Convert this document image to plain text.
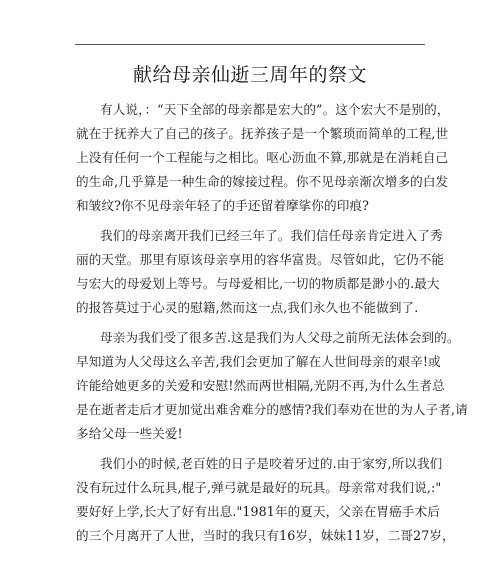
献给母亲仙逝三周年的祭文
有人说，：“天下全部的母亲都是宏大的”。这个宏大不是别的，
就在于抚养大了自己的孩子。抚养孩子是一个繁琐而简单的工程,世
上没有任何一个工程能与之相比。呕心沥血不算,那就是在消耗自己
的生命,几乎算是一种生命的嫁接过程。你不见母亲渐次增多的白发
和皱纹?你不见母亲年轻了的手还留着摩挲你的印痕?
我们的母亲离开我们已经三年了。我们信任母亲肯定进入了秀
丽的天堂。那里有原该母亲享用的容华富贵。尽管如此，它仍不能
与宏大的母爱划上等号。与母爱相比,一切的物质都是渺小的.最大
的报答莫过于心灵的慰籍,然而这一点,我们永久也不能做到了.
母亲为我们受了很多苦.这是我们为人父母之前所无法体会到的。
早知道为人父母这么辛苦,我们会更加了解在人世间母亲的艰辛!或
许能给她更多的关爱和安慰!然而两世相隔,光阴不再,为什么生者总
是在逝者走后才更加觉出难舍难分的感情?我们奉劝在世的为人子者,请
多给父母一些关爱!
我们小的时候,老百姓的日子是咬着牙过的.由于家穷,所以我们
没有玩过什么玩具,棍子,弹弓就是最好的玩具。母亲常对我们说,:"
要好好上学,长大了好有出息."1981年的夏天，父亲在胃癌手术后
的三个月离开了人世，当时的我只有16岁，妹妹11岁，二哥27岁，
